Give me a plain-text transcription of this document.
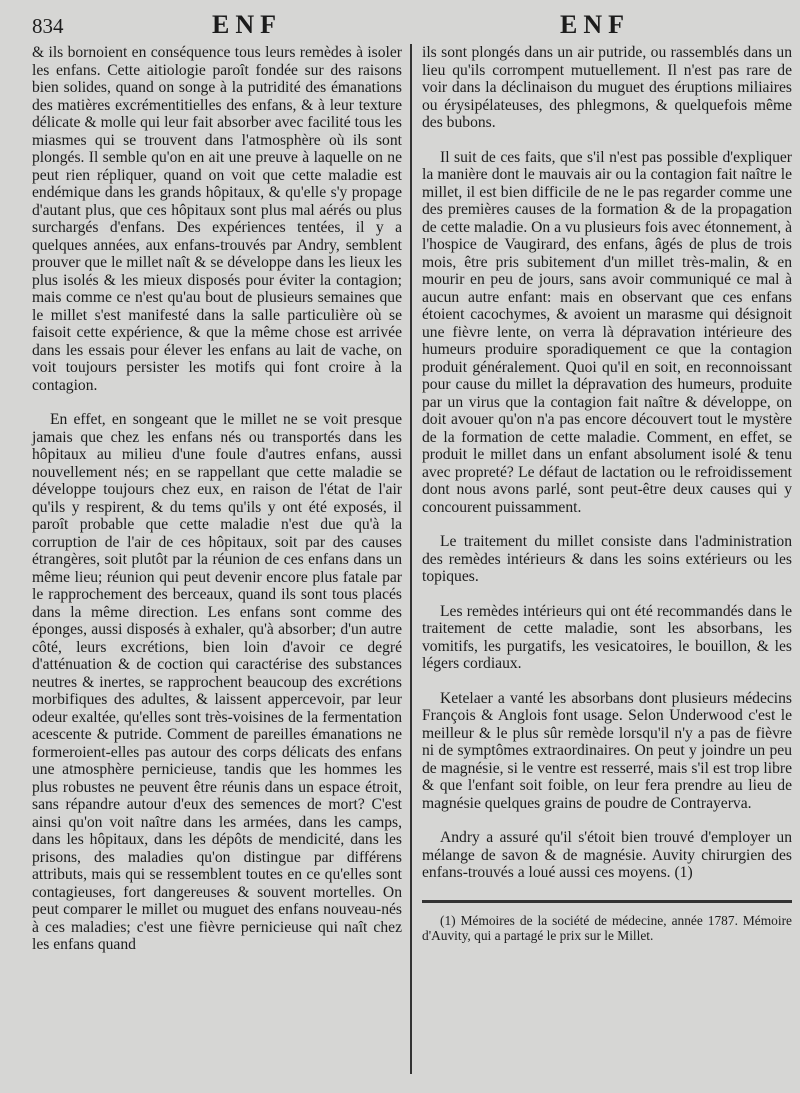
834	ENF	ENF

& ils bornoient en conséquence tous leurs remèdes à isoler les enfans. Cette aitiologie paroît fondée sur des raisons bien solides, quand on songe à la putridité des émanations des matières excrémentitielles des enfans, & à leur texture délicate & molle qui leur fait absorber avec facilité tous les miasmes qui se trouvent dans l'atmosphère où ils sont plongés. Il semble qu'on en ait une preuve à laquelle on ne peut rien répliquer, quand on voit que cette maladie est endémique dans les grands hôpitaux, & qu'elle s'y propage d'autant plus, que ces hôpitaux sont plus mal aérés ou plus surchargés d'enfans. Des expériences tentées, il y a quelques années, aux enfans-trouvés par Andry, semblent prouver que le millet naît & se développe dans les lieux les plus isolés & les mieux disposés pour éviter la contagion; mais comme ce n'est qu'au bout de plusieurs semaines que le millet s'est manifesté dans la salle particulière où se faisoit cette expérience, & que la même chose est arrivée dans les essais pour élever les enfans au lait de vache, on voit toujours persister les motifs qui font croire à la contagion.

En effet, en songeant que le millet ne se voit presque jamais que chez les enfans nés ou transportés dans les hôpitaux au milieu d'une foule d'autres enfans, aussi nouvellement nés; en se rappellant que cette maladie se développe toujours chez eux, en raison de l'état de l'air qu'ils y respirent, & du tems qu'ils y ont été exposés, il paroît probable que cette maladie n'est due qu'à la corruption de l'air de ces hôpitaux, soit par des causes étrangères, soit plutôt par la réunion de ces enfans dans un même lieu; réunion qui peut devenir encore plus fatale par le rapprochement des berceaux, quand ils sont tous placés dans la même direction. Les enfans sont comme des éponges, aussi disposés à exhaler, qu'à absorber; d'un autre côté, leurs excrétions, bien loin d'avoir ce degré d'atténuation & de coction qui caractérise des substances neutres & inertes, se rapprochent beaucoup des excrétions morbifiques des adultes, & laissent appercevoir, par leur odeur exaltée, qu'elles sont très-voisines de la fermentation acescente & putride. Comment de pareilles émanations ne formeroient-elles pas autour des corps délicats des enfans une atmosphère pernicieuse, tandis que les hommes les plus robustes ne peuvent être réunis dans un espace étroit, sans répandre autour d'eux des semences de mort? C'est ainsi qu'on voit naître dans les armées, dans les camps, dans les hôpitaux, dans les dépôts de mendicité, dans les prisons, des maladies qu'on distingue par différens attributs, mais qui se ressemblent toutes en ce qu'elles sont contagieuses, fort dangereuses & souvent mortelles. On peut comparer le millet ou muguet des enfans nouveau-nés à ces maladies; c'est une fièvre pernicieuse qui naît chez les enfans quand

ils sont plongés dans un air putride, ou rassemblés dans un lieu qu'ils corrompent mutuellement. Il n'est pas rare de voir dans la déclinaison du muguet des éruptions miliaires ou érysipélateuses, des phlegmons, & quelquefois même des bubons.

Il suit de ces faits, que s'il n'est pas possible d'expliquer la manière dont le mauvais air ou la contagion fait naître le millet, il est bien difficile de ne le pas regarder comme une des premières causes de la formation & de la propagation de cette maladie. On a vu plusieurs fois avec étonnement, à l'hospice de Vaugirard, des enfans, âgés de plus de trois mois, être pris subitement d'un millet très-malin, & en mourir en peu de jours, sans avoir communiqué ce mal à aucun autre enfant: mais en observant que ces enfans étoient cacochymes, & avoient un marasme qui désignoit une fièvre lente, on verra là dépravation intérieure des humeurs produire sporadiquement ce que la contagion produit généralement. Quoi qu'il en soit, en reconnoissant pour cause du millet la dépravation des humeurs, produite par un virus que la contagion fait naître & développe, on doit avouer qu'on n'a pas encore découvert tout le mystère de la formation de cette maladie. Comment, en effet, se produit le millet dans un enfant absolument isolé & tenu avec propreté? Le défaut de lactation ou le refroidissement dont nous avons parlé, sont peut-être deux causes qui y concourent puissamment.

Le traitement du millet consiste dans l'administration des remèdes intérieurs & dans les soins extérieurs ou les topiques.

Les remèdes intérieurs qui ont été recommandés dans le traitement de cette maladie, sont les absorbans, les vomitifs, les purgatifs, les vesicatoires, le bouillon, & les légers cordiaux.

Ketelaer a vanté les absorbans dont plusieurs médecins François & Anglois font usage. Selon Underwood c'est le meilleur & le plus sûr remède lorsqu'il n'y a pas de fièvre ni de symptômes extraordinaires. On peut y joindre un peu de magnésie, si le ventre est resserré, mais s'il est trop libre & que l'enfant soit foible, on leur fera prendre au lieu de magnésie quelques grains de poudre de Contrayerva.

Andry a assuré qu'il s'étoit bien trouvé d'employer un mélange de savon & de magnésie. Auvity chirurgien des enfans-trouvés a loué aussi ces moyens. (1)

(1) Mémoires de la société de médecine, année 1787. Mémoire d'Auvity, qui a partagé le prix sur le Millet.
